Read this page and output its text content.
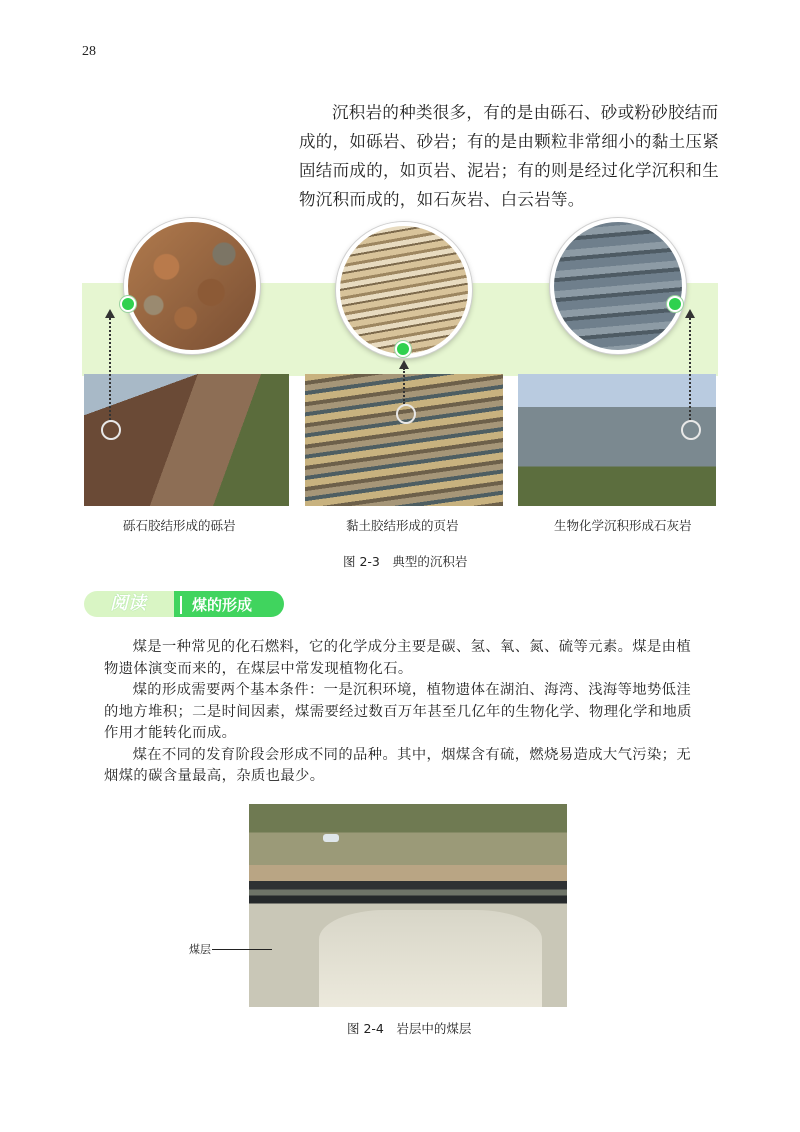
28

沉积岩的种类很多，有的是由砾石、砂或粉砂胶结而成的，如砾岩、砂岩；有的是由颗粒非常细小的黏土压紧固结而成的，如页岩、泥岩；有的则是经过化学沉积和生物沉积而成的，如石灰岩、白云岩等。

砾石胶结形成的砾岩	黏土胶结形成的页岩	生物化学沉积形成石灰岩
图 2-3　典型的沉积岩
阅读	煤的形成

煤是一种常见的化石燃料，它的化学成分主要是碳、氢、氧、氮、硫等元素。煤是由植物遗体演变而来的，在煤层中常发现植物化石。

煤的形成需要两个基本条件：一是沉积环境，植物遗体在湖泊、海湾、浅海等地势低洼的地方堆积；二是时间因素，煤需要经过数百万年甚至几亿年的生物化学、物理化学和地质作用才能转化而成。

煤在不同的发育阶段会形成不同的品种。其中，烟煤含有硫，燃烧易造成大气污染；无烟煤的碳含量最高，杂质也最少。

煤层
图 2-4　岩层中的煤层
